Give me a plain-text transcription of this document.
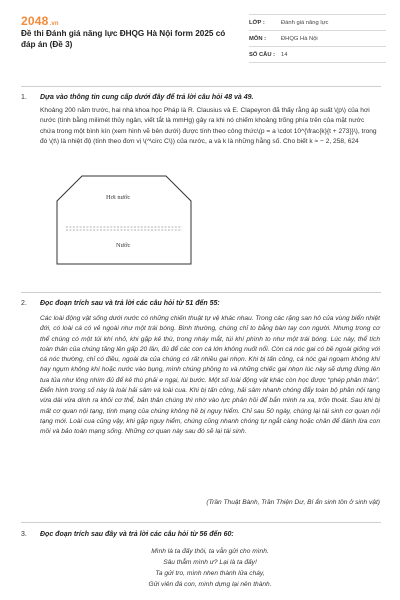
2048.vn
Đề thi Đánh giá năng lực ĐHQG Hà Nội form 2025 có đáp án (Đề 3)
LỚP :	Đánh giá năng lực
MÔN :	ĐHQG Hà Nội
SỐ CÂU :	14
1. Dựa vào thông tin cung cấp dưới đây để trả lời câu hỏi 48 và 49.
Khoảng 200 năm trước, hai nhà khoa học Pháp là R. Clausius và E. Clapeyron đã thấy rằng áp suất \(p\) của hơi nước (tính bằng milimét thủy ngân, viết tắt là mmHg) gây ra khi nó chiếm khoảng trống phía trên của mặt nước chứa trong một bình kín (xem hình vẽ bên dưới) được tính theo công thức\(p = a \cdot 10^{\frac{k}{t + 273}}\), trong đó \(t\) là nhiệt độ (tính theo đơn vị \(^\circ C\)) của nước, a và k là những hằng số. Cho biết k ≈ − 2, 258, 624
Hơi nước
Nước
2. Đọc đoạn trích sau và trả lời các câu hỏi từ 51 đến 55:
Các loài động vật sống dưới nước có những chiến thuật tự vệ khác nhau. Trong các rặng san hô của vùng biển nhiệt đới, có loài cá có vẻ ngoài như một trái bóng. Bình thường, chúng chỉ to bằng bàn tay con người. Nhưng trong cơ thể chúng có một túi khí nhỏ, khi gặp kẻ thù, trong nháy mắt, túi khí phình to như một trái bóng. Lúc này, thể tích toàn thân của chúng tăng lên gấp 20 lần, đủ để các con cá lớn không nuốt nổi. Còn cá nóc gai có bề ngoài giống với cá nóc thường, chỉ có điều, ngoài da của chúng có rất nhiều gai nhọn. Khi bị tấn công, cá nóc gai ngoạm không khí hay ngụm không khí hoặc nước vào bụng, mình chúng phồng to và những chiếc gai nhọn lúc này sẽ dựng đứng lên tua tủa như lông nhím đủ để kẻ thù phải e ngại, lùi bước. Một số loài động vật khác còn học được “phép phân thân”. Điển hình trong số này là loài hải sâm và loài cua. Khi bị tấn công, hải sâm nhanh chóng đẩy toàn bộ phần nội tạng vừa dài vừa dính ra khỏi cơ thể, bản thân chúng thì nhờ vào lực phản hồi để bắn mình ra xa, trốn thoát. Sau khi bị mất cơ quan nội tạng, tính mạng của chúng không hề bị nguy hiểm. Chỉ sau 50 ngày, chúng lại tái sinh cơ quan nội tạng mới. Loài cua cũng vậy, khi gặp nguy hiểm, chúng cũng nhanh chóng tự ngắt càng hoặc chân để đánh lừa con mồi và bảo toàn mạng sống. Những cơ quan này sau đó sẽ lại tái sinh.
(Trần Thuật Bành, Trần Thiện Dư, Bí ẩn sinh tồn ở sinh vật)
3. Đọc đoạn trích sau đây và trả lời các câu hỏi từ 56 đến 60:
Mình là ta đấy thôi, ta vẫn gửi cho mình.
Sâu thẳm mình ư? Lại là ta đấy!
Ta gửi tro, mình nhen thành lửa cháy,
Gửi viên đá con, mình dựng lại nên thành.
